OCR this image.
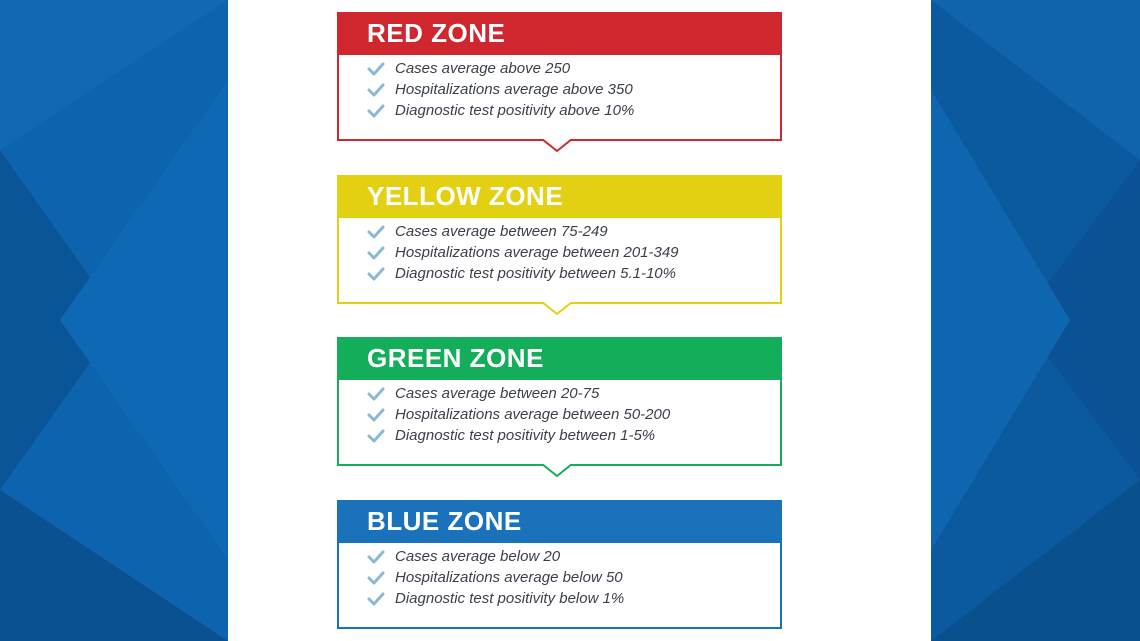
RED ZONE
Cases average above 250
Hospitalizations average above 350
Diagnostic test positivity above 10%
YELLOW ZONE
Cases average between 75-249
Hospitalizations average between 201-349
Diagnostic test positivity between 5.1-10%
GREEN ZONE
Cases average between 20-75
Hospitalizations average between 50-200
Diagnostic test positivity between 1-5%
BLUE ZONE
Cases average below 20
Hospitalizations average below 50
Diagnostic test positivity below 1%
